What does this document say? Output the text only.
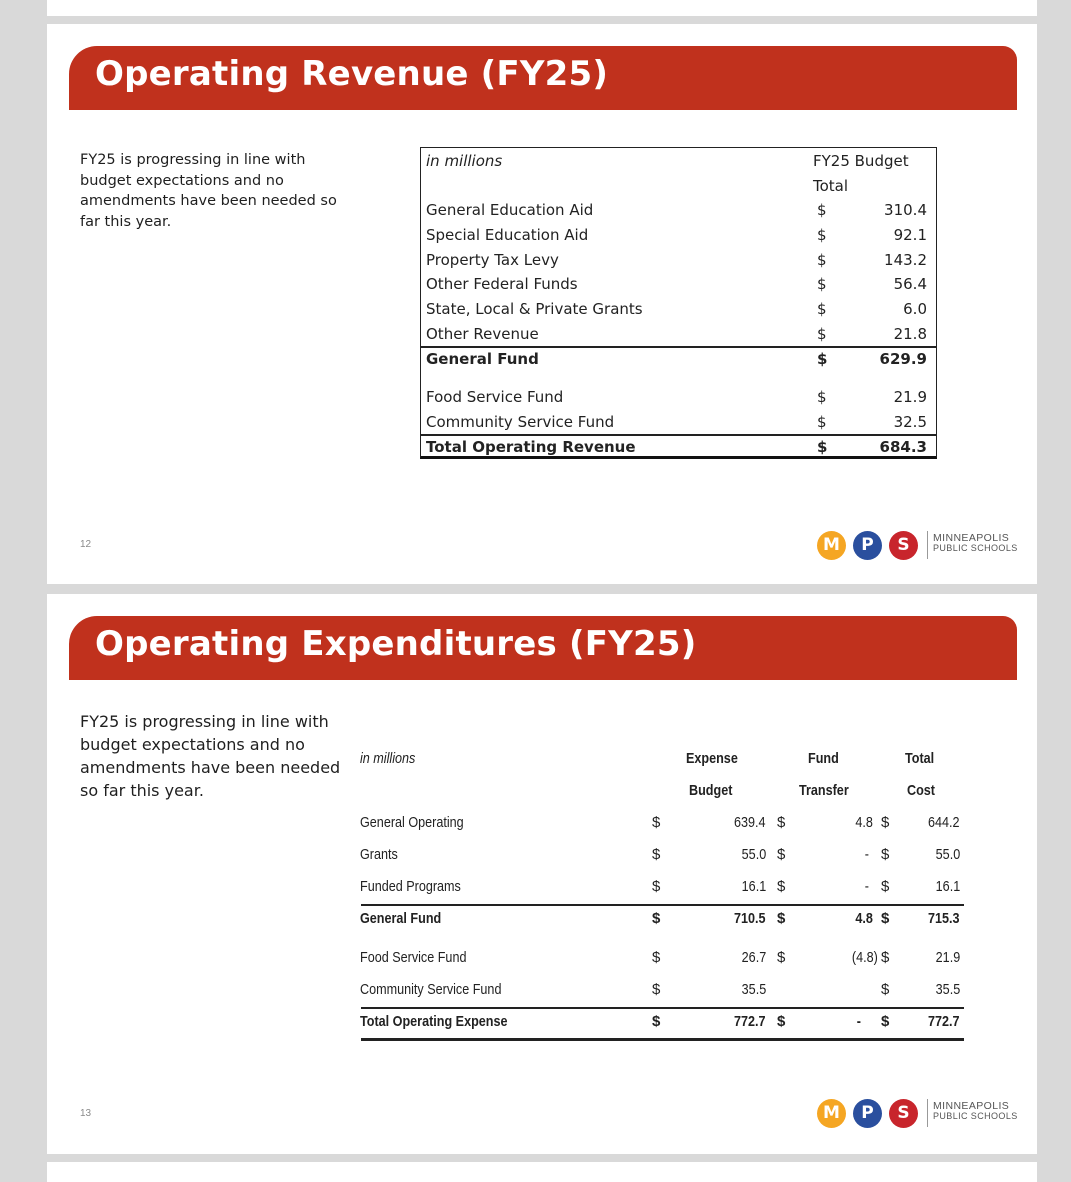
Operating Revenue (FY25)
FY25 is progressing in line with budget expectations and no amendments have been needed so far this year.
in millions	FY25 Budget
Total
General Education Aid	$	310.4
Special Education Aid	$	92.1
Property Tax Levy	$	143.2
Other Federal Funds	$	56.4
State, Local & Private Grants	$	6.0
Other Revenue	$	21.8
General Fund	$	629.9
Food Service Fund	$	21.9
Community Service Fund	$	32.5
Total Operating Revenue	$	684.3
12	M	P	S	MINNEAPOLIS
PUBLIC SCHOOLS
Operating Expenditures (FY25)
FY25 is progressing in line with budget expectations and no amendments have been needed so far this year.
in millions	Expense
Budget
Fund
Transfer
Total
Cost
General Operating	$	639.4 $	4.8 $	644.2
Grants	$	55.0 $	- $	55.0
Funded Programs	$	16.1 $	- $	16.1
General Fund	$	710.5 $	4.8 $	715.3
Food Service Fund	$	26.7 $	(4.8) $	21.9
Community Service Fund	$	35.5	$	35.5
Total Operating Expense	$	772.7 $	- $	772.7
13	M	P	S	MINNEAPOLIS
PUBLIC SCHOOLS
